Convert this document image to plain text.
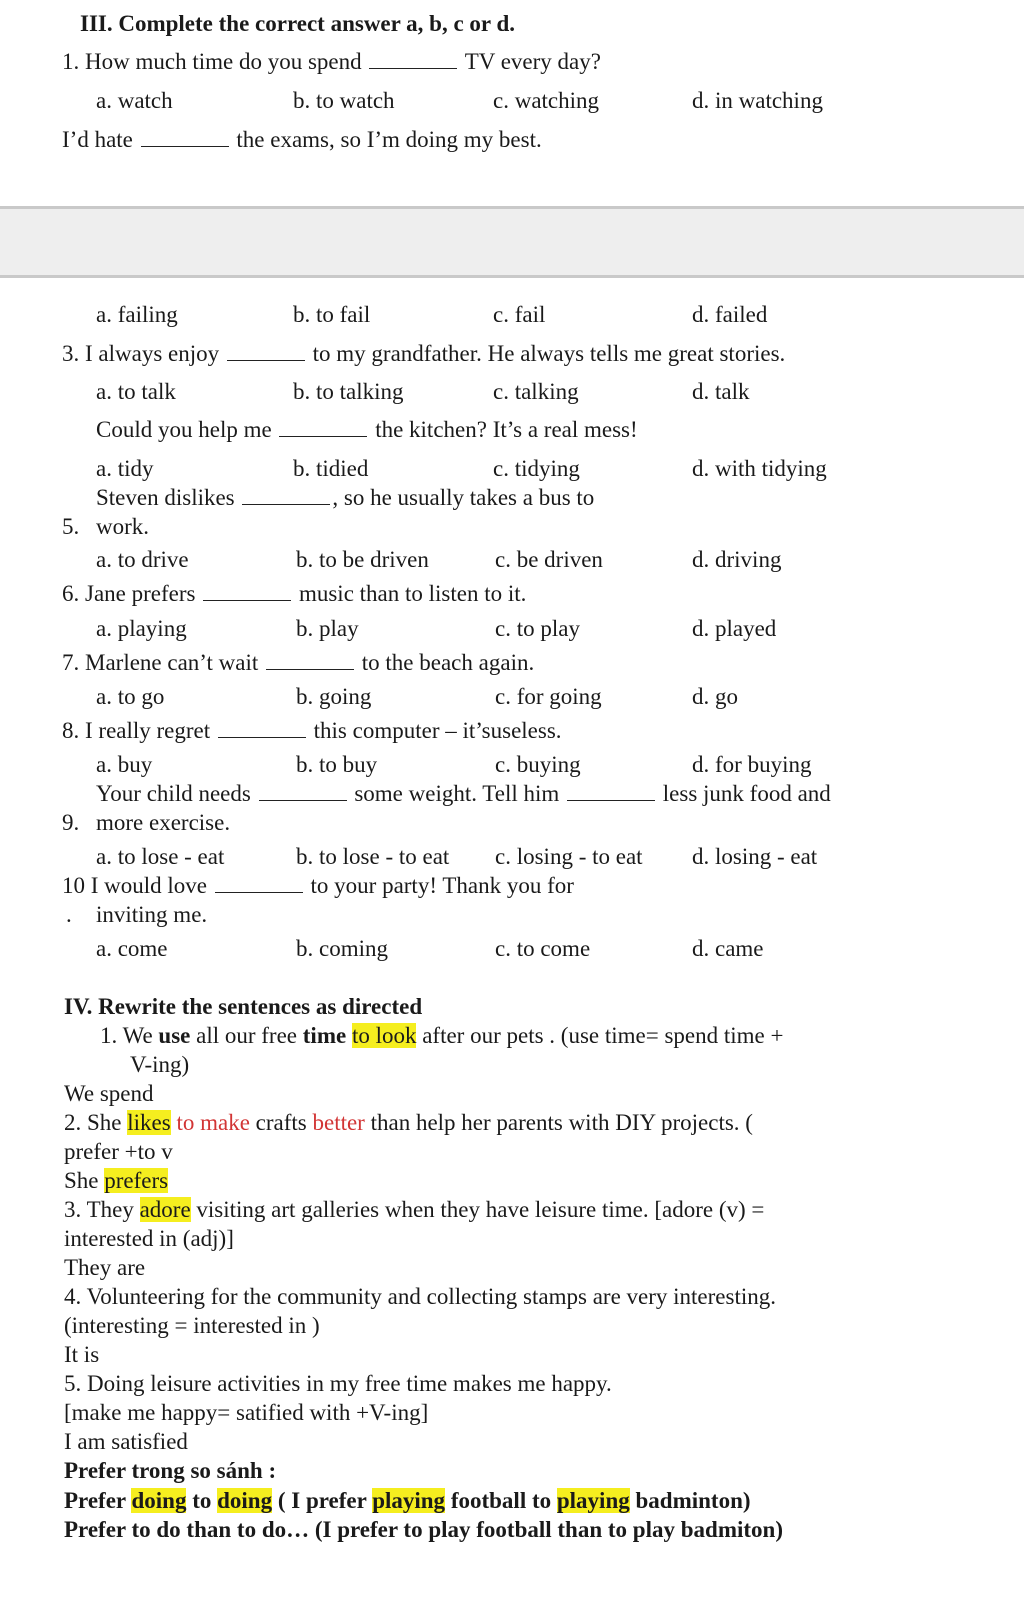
III. Complete the correct answer a, b, c or d.
1. How much time do you spend	TV every day?
a. watch	b. to watch	c. watching	d. in watching
I’d hate	the exams, so I’m doing my best.
a. failing	b. to fail	c. fail	d. failed
3. I always enjoy	to my grandfather. He always tells me great stories.
a. to talk	b. to talking	c. talking	d. talk
Could you help me	the kitchen? It’s a real mess!
a. tidy	b. tidied	c. tidying	d. with tidying
Steven dislikes	, so he usually takes a bus to
5. work.
a. to drive	b. to be driven	c. be driven	d. driving
6. Jane prefers	music than to listen to it.
a. playing	b. play	c. to play	d. played
7. Marlene can’t wait	to the beach again.
a. to go	b. going	c. for going	d. go
8. I really regret	this computer – it’suseless.
a. buy	b. to buy	c. buying	d. for buying
Your child needs	some weight. Tell him	less junk food and
9. more exercise.
a. to lose - eat	b. to lose - to eat c. losing - to eat d. losing - eat
10 I would love	to your party! Thank you for
. inviting me.
a. come	b. coming	c. to come	d. came
IV. Rewrite the sentences as directed
1. We use all our free time to look after our pets . (use time= spend time +
V-ing)
We spend
2. She likes to make crafts better than help her parents with DIY projects. (
prefer +to v
She prefers
3. They adore visiting art galleries when they have leisure time. [adore (v) =
interested in (adj)]
They are
4. Volunteering for the community and collecting stamps are very interesting.
(interesting = interested in )
It is
5. Doing leisure activities in my free time makes me happy.
[make me happy= satified with +V-ing]
I am satisfied
Prefer trong so sánh :
Prefer doing to doing ( I prefer playing football to playing badminton)
Prefer to do than to do… (I prefer to play football than to play badmiton)
